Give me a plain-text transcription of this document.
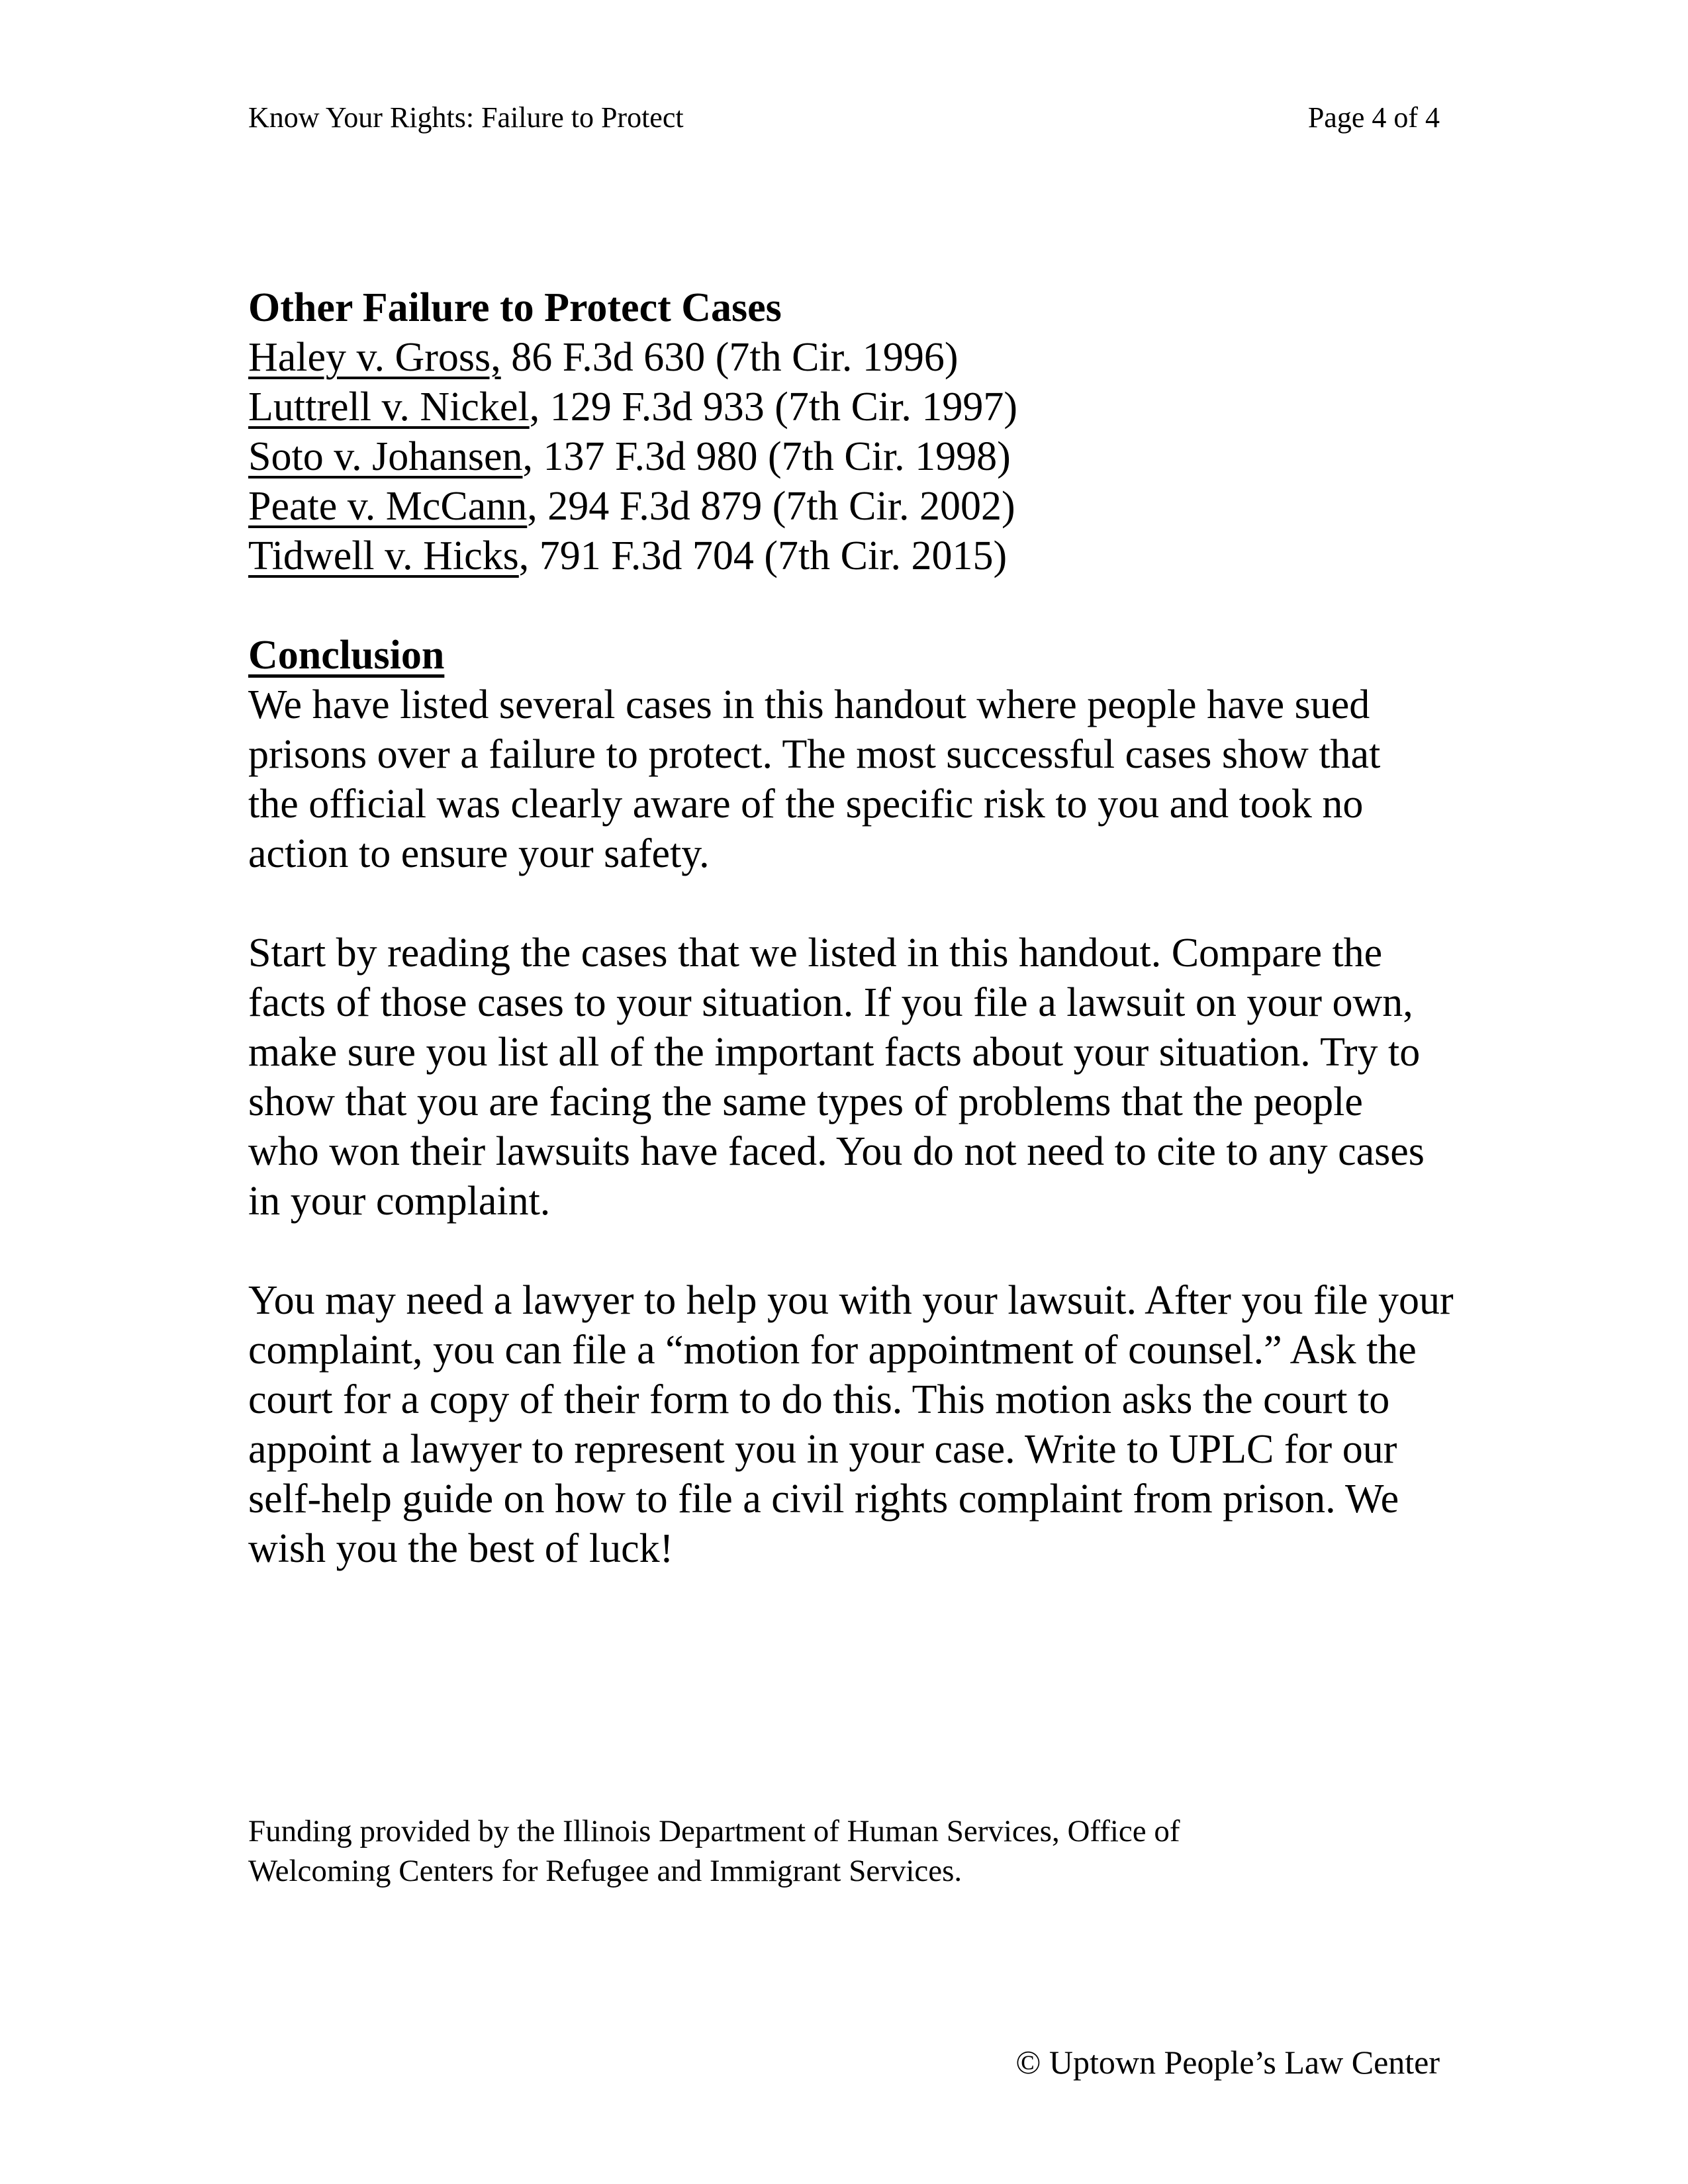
Know Your Rights: Failure to Protect	Page 4 of 4
Other Failure to Protect Cases
Haley v. Gross, 86 F.3d 630 (7th Cir. 1996)
Luttrell v. Nickel, 129 F.3d 933 (7th Cir. 1997)
Soto v. Johansen, 137 F.3d 980 (7th Cir. 1998)
Peate v. McCann, 294 F.3d 879 (7th Cir. 2002)
Tidwell v. Hicks, 791 F.3d 704 (7th Cir. 2015)
Conclusion
We have listed several cases in this handout where people have sued
prisons over a failure to protect. The most successful cases show that
the official was clearly aware of the specific risk to you and took no
action to ensure your safety.
Start by reading the cases that we listed in this handout. Compare the
facts of those cases to your situation. If you file a lawsuit on your own,
make sure you list all of the important facts about your situation. Try to
show that you are facing the same types of problems that the people
who won their lawsuits have faced. You do not need to cite to any cases
in your complaint.
You may need a lawyer to help you with your lawsuit. After you file your
complaint, you can file a “motion for appointment of counsel.” Ask the
court for a copy of their form to do this. This motion asks the court to
appoint a lawyer to represent you in your case. Write to UPLC for our
self-help guide on how to file a civil rights complaint from prison. We
wish you the best of luck!
Funding provided by the Illinois Department of Human Services, Office of
Welcoming Centers for Refugee and Immigrant Services.
© Uptown People’s Law Center
